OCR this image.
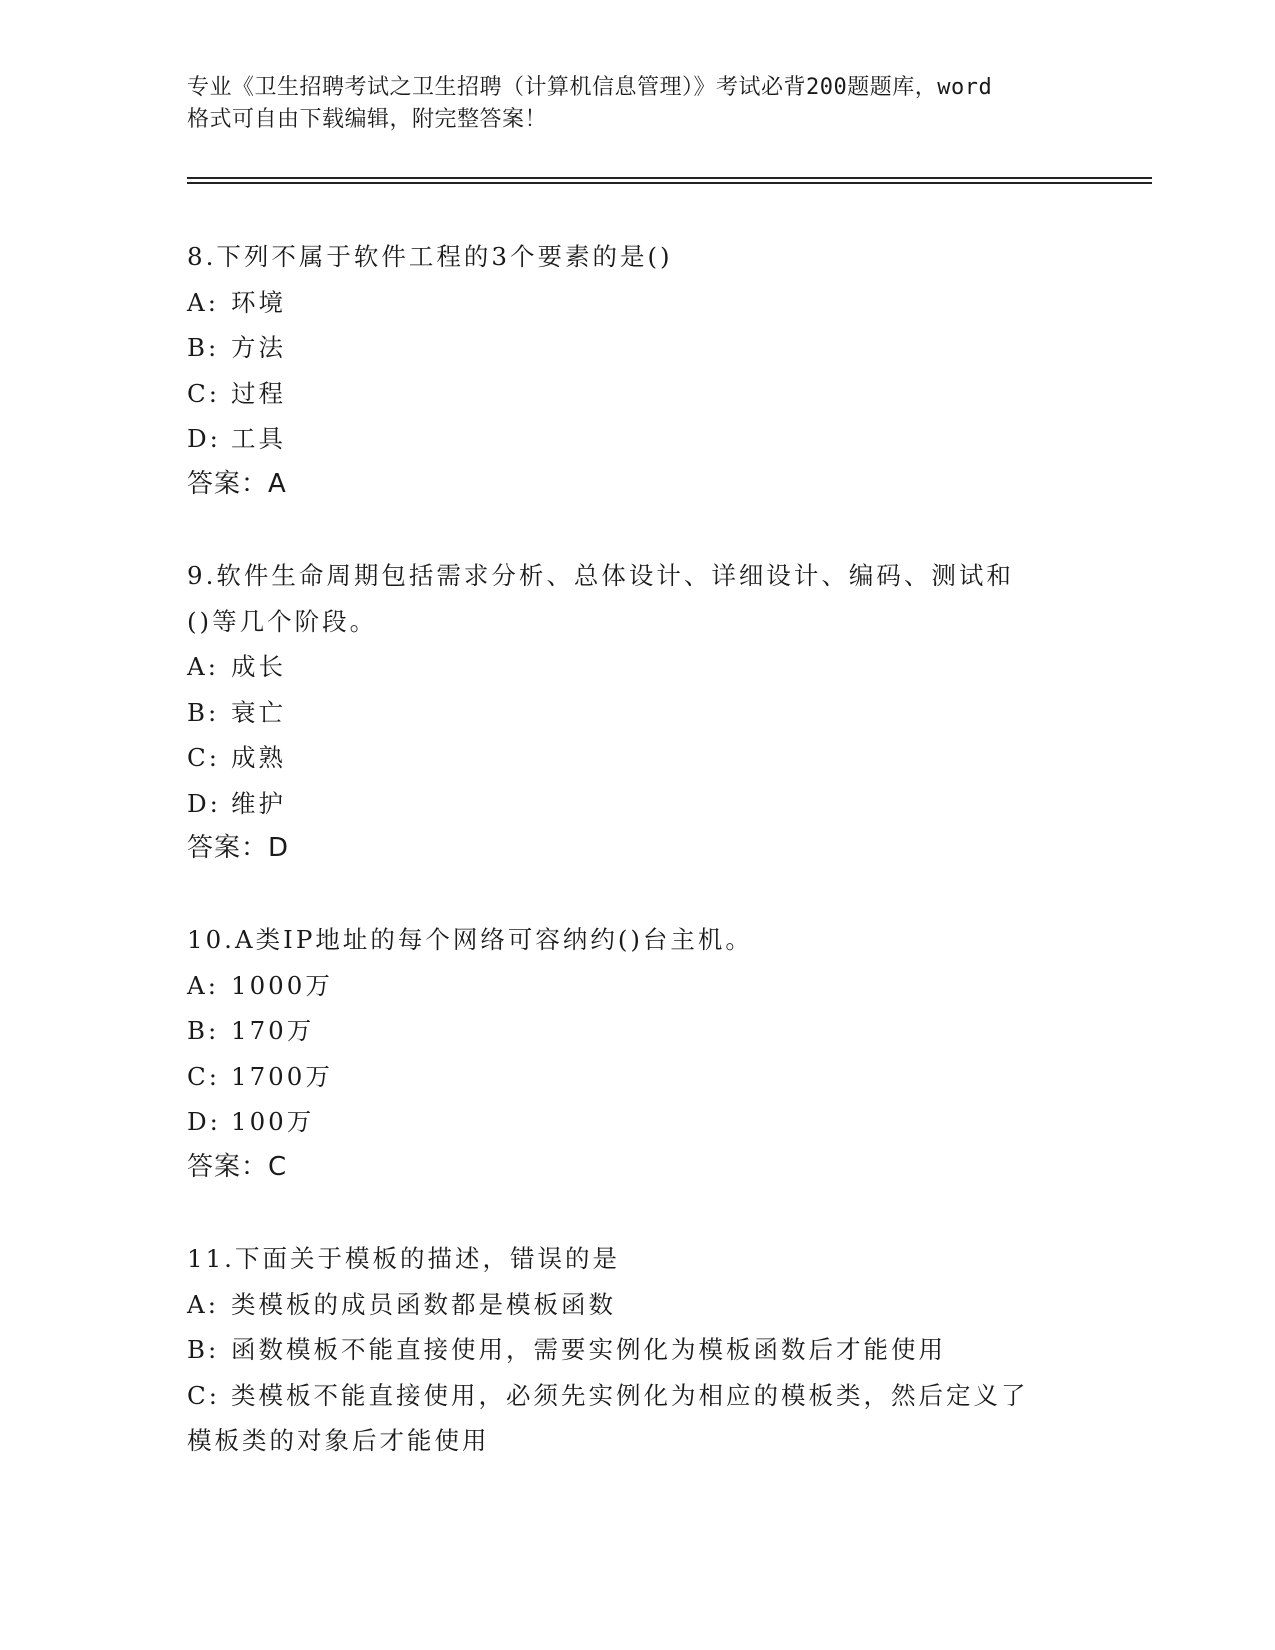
专业《卫生招聘考试之卫生招聘（计算机信息管理）》考试必背200题题库，word
格式可自由下载编辑，附完整答案！
8.下列不属于软件工程的3个要素的是()
A: 环境
B: 方法
C: 过程
D: 工具
答案：A
9.软件生命周期包括需求分析、总体设计、详细设计、编码、测试和
()等几个阶段。
A: 成长
B: 衰亡
C: 成熟
D: 维护
答案：D
10.A类IP地址的每个网络可容纳约()台主机。
A: 1000万
B: 170万
C: 1700万
D: 100万
答案：C
11.下面关于模板的描述，错误的是
A: 类模板的成员函数都是模板函数
B: 函数模板不能直接使用，需要实例化为模板函数后才能使用
C: 类模板不能直接使用，必须先实例化为相应的模板类，然后定义了
模板类的对象后才能使用
